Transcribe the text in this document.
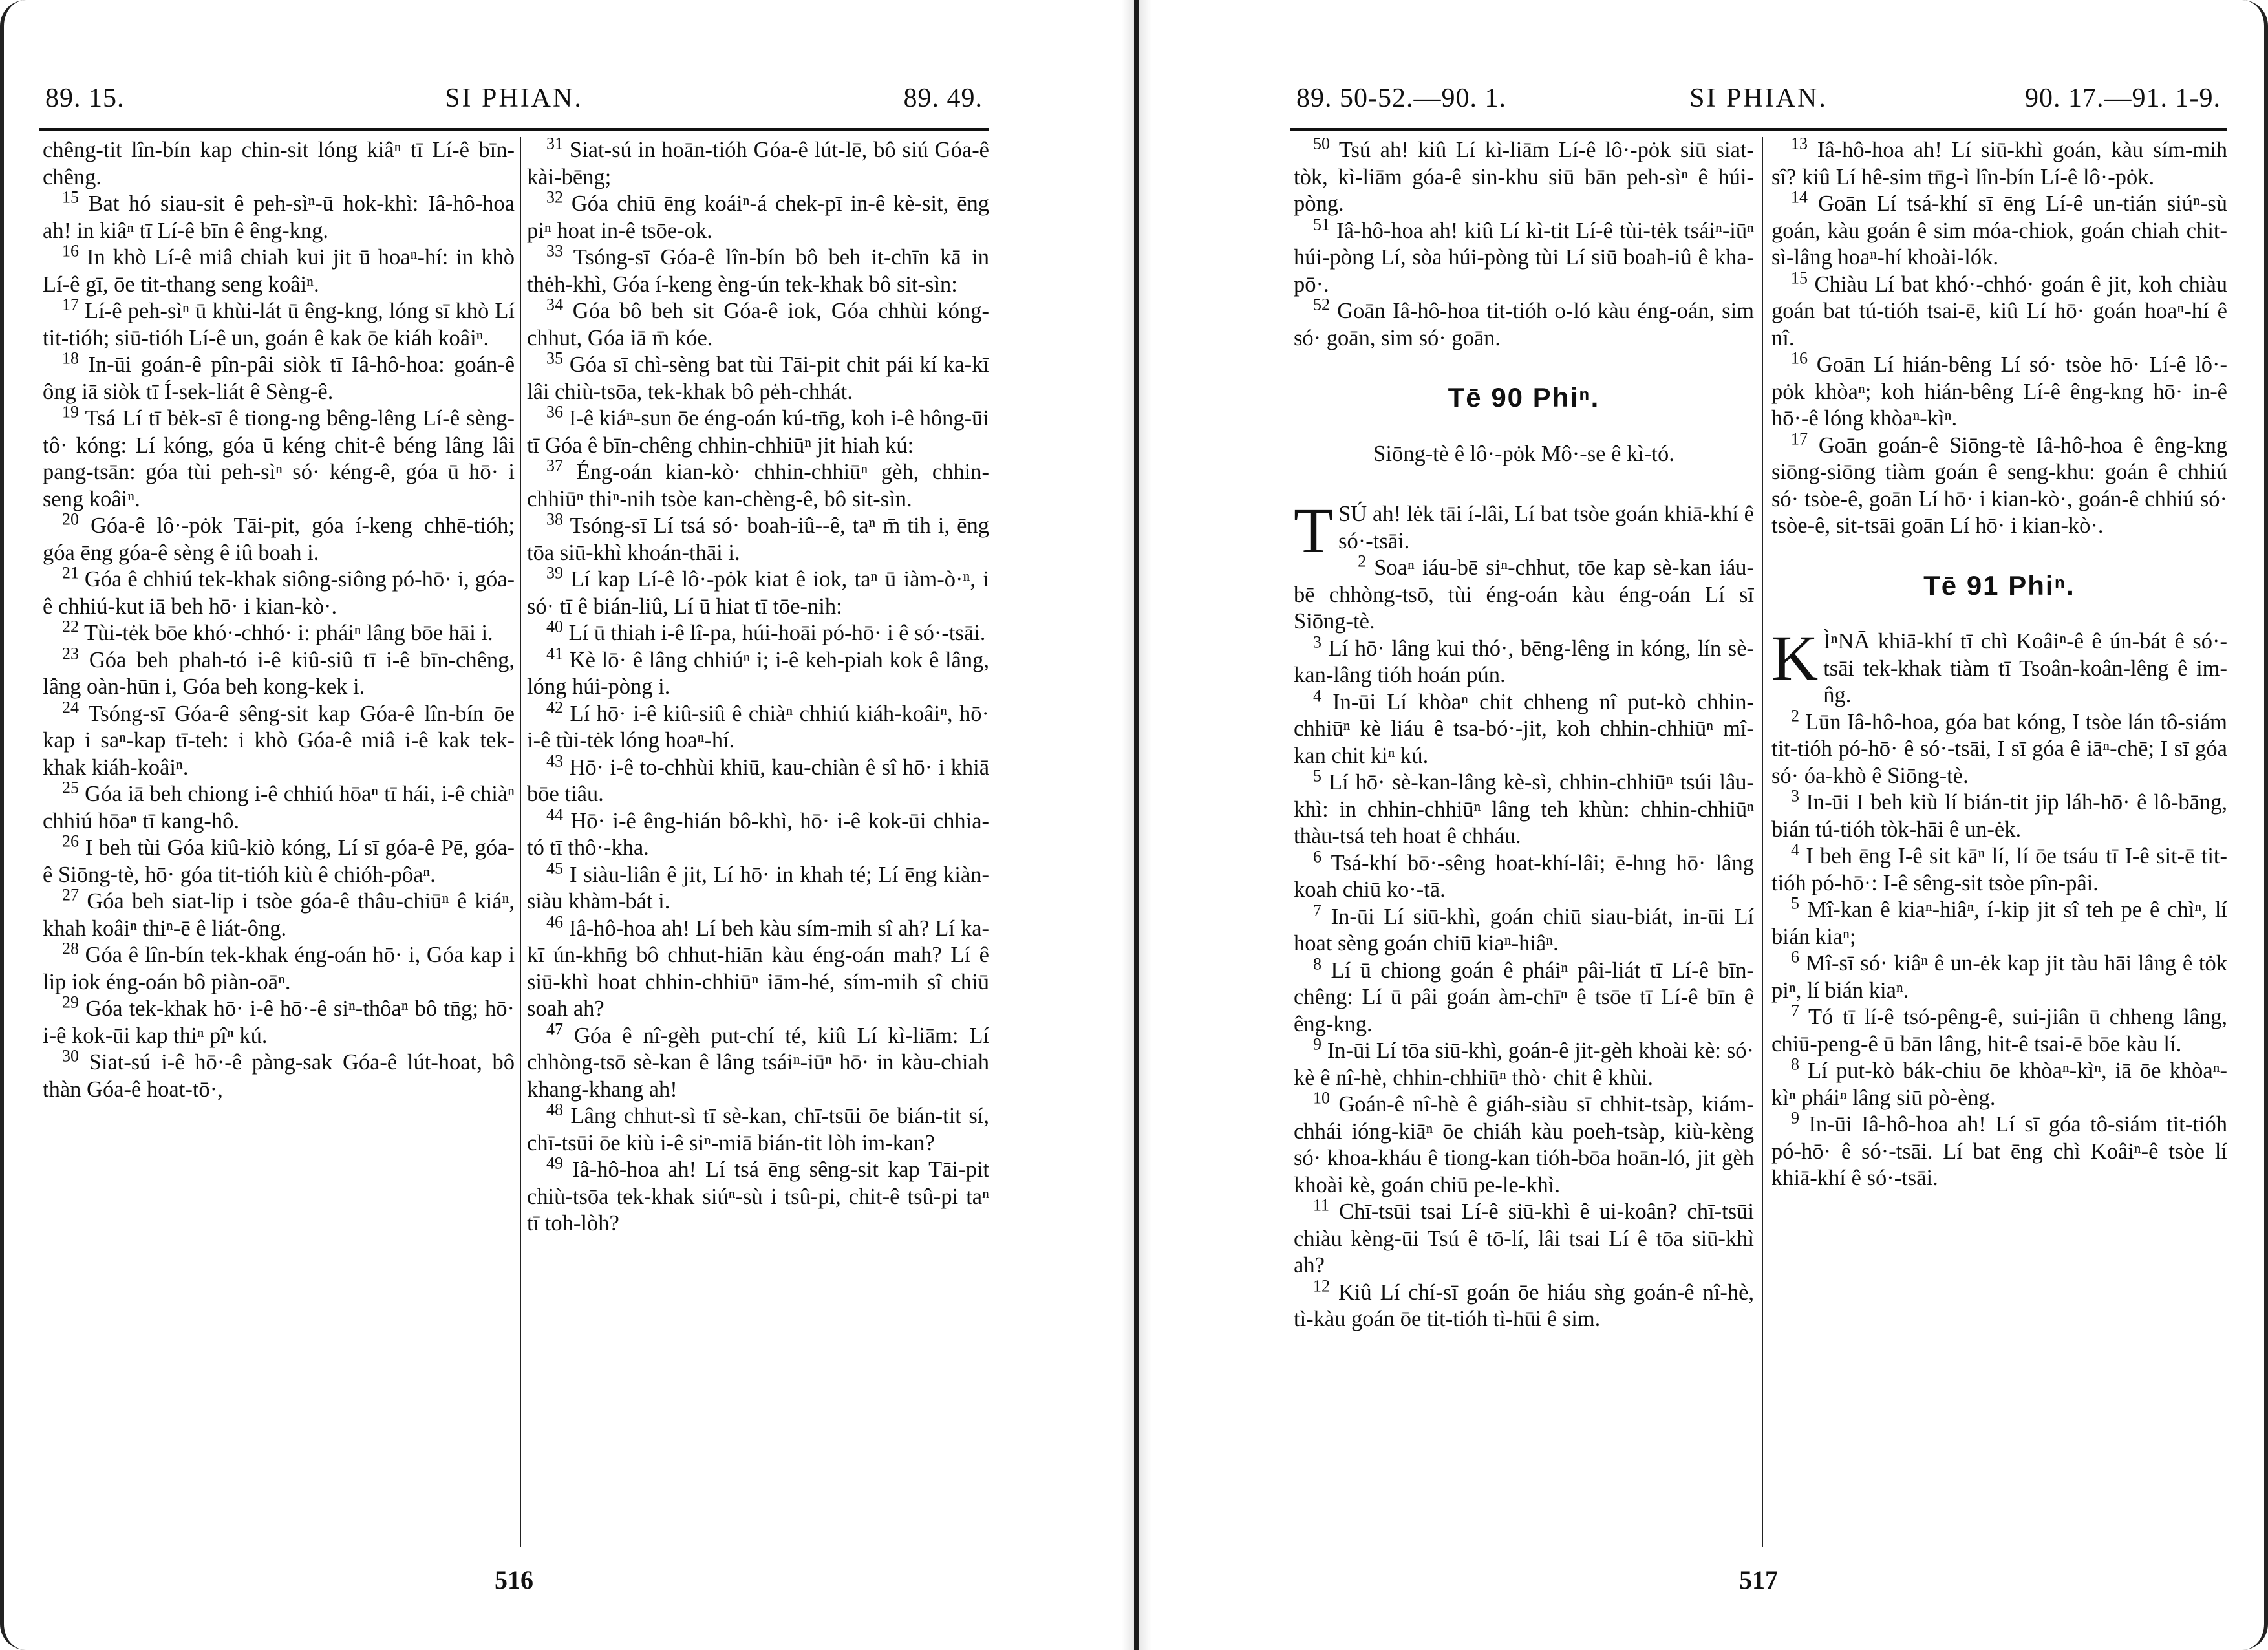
89. 15.	SI PHIAN.	89. 49.

chêng-tit lîn-bín kap chin-sit lóng kiâⁿ tī Lí-ê bīn-chêng.

$^{15}$ Bat hó siau-sit ê peh-sìⁿ-ū hok-khì: Iâ-hô-hoa ah! in kiâⁿ tī Lí-ê bīn ê êng-kng.

$^{16}$ In khò Lí-ê miâ chiah kui jit ū hoaⁿ-hí: in khò Lí-ê gī, ōe tit-thang seng koâiⁿ.

$^{17}$ Lí-ê peh-sìⁿ ū khùi-lát ū êng-kng, lóng sī khò Lí tit-tióh; siū-tióh Lí-ê un, goán ê kak ōe kiáh koâiⁿ.

$^{18}$ In-ūi goán-ê pîn-pâi siòk tī Iâ-hô-hoa: goán-ê ông iā siòk tī Í-sek-liát ê Sèng-ê.

$^{19}$ Tsá Lí tī bėk-sī ê tiong-ng bêng-lêng Lí-ê sèng-tô· kóng: Lí kóng, góa ū kéng chit-ê béng lâng lâi pang-tsān: góa tùi peh-sìⁿ só· kéng-ê, góa ū hō· i seng koâiⁿ.

$^{20}$ Góa-ê lô·-pȯk Tāi-pit, góa í-keng chhē-tióh; góa ēng góa-ê sèng ê iû boah i.

$^{21}$ Góa ê chhiú tek-khak siông-siông pó-hō· i, góa-ê chhiú-kut iā beh hō· i kian-kò·.

$^{22}$ Tùi-tėk bōe khó·-chhó· i: pháiⁿ lâng bōe hāi i.

$^{23}$ Góa beh phah-tó i-ê kiû-siû tī i-ê bīn-chêng, lâng oàn-hūn i, Góa beh kong-kek i.

$^{24}$ Tsóng-sī Góa-ê sêng-sit kap Góa-ê lîn-bín ōe kap i saⁿ-kap tī-teh: i khò Góa-ê miâ i-ê kak tek-khak kiáh-koâiⁿ.

$^{25}$ Góa iā beh chiong i-ê chhiú hōaⁿ tī hái, i-ê chiàⁿ chhiú hōaⁿ tī kang-hô.

$^{26}$ I beh tùi Góa kiû-kiò kóng, Lí sī góa-ê Pē, góa-ê Siōng-tè, hō· góa tit-tióh kiù ê chióh-pôaⁿ.

$^{27}$ Góa beh siat-lip i tsòe góa-ê thâu-chiūⁿ ê kiáⁿ, khah koâiⁿ thiⁿ-ē ê liát-ông.

$^{28}$ Góa ê lîn-bín tek-khak éng-oán hō· i, Góa kap i lip iok éng-oán bô piàn-oāⁿ.

$^{29}$ Góa tek-khak hō· i-ê hō·-ê siⁿ-thôaⁿ bô tn̄g; hō· i-ê kok-ūi kap thiⁿ pîⁿ kú.

$^{30}$ Siat-sú i-ê hō·-ê pàng-sak Góa-ê lút-hoat, bô thàn Góa-ê hoat-tō·,

$^{31}$ Siat-sú in hoān-tióh Góa-ê lút-lē, bô siú Góa-ê kài-bēng;

$^{32}$ Góa chiū ēng koáiⁿ-á chek-pī in-ê kè-sit, ēng piⁿ hoat in-ê tsōe-ok.

$^{33}$ Tsóng-sī Góa-ê lîn-bín bô beh it-chīn kā in thėh-khì, Góa í-keng èng-ún tek-khak bô sit-sìn:

$^{34}$ Góa bô beh sit Góa-ê iok, Góa chhùi kóng-chhut, Góa iā m̄ kóe.

$^{35}$ Góa sī chì-sèng bat tùi Tāi-pit chit pái kí ka-kī lâi chiù-tsōa, tek-khak bô pėh-chhát.

$^{36}$ I-ê kiáⁿ-sun ōe éng-oán kú-tn̄g, koh i-ê hông-ūi tī Góa ê bīn-chêng chhin-chhiūⁿ jit hiah kú:

$^{37}$ Éng-oán kian-kò· chhin-chhiūⁿ gèh, chhin-chhiūⁿ thiⁿ-nih tsòe kan-chèng-ê, bô sit-sìn.

$^{38}$ Tsóng-sī Lí tsá só· boah-iû--ê, taⁿ m̄ tih i, ēng tōa siū-khì khoán-thāi i.

$^{39}$ Lí kap Lí-ê lô·-pȯk kiat ê iok, taⁿ ū iàm-ò·ⁿ, i só· tī ê bián-liû, Lí ū hiat tī tōe-nih:

$^{40}$ Lí ū thiah i-ê lî-pa, húi-hoāi pó-hō· i ê só·-tsāi.

$^{41}$ Kè lō· ê lâng chhiúⁿ i; i-ê keh-piah kok ê lâng, lóng húi-pòng i.

$^{42}$ Lí hō· i-ê kiû-siû ê chiàⁿ chhiú kiáh-koâiⁿ, hō· i-ê tùi-tėk lóng hoaⁿ-hí.

$^{43}$ Hō· i-ê to-chhùi khiū, kau-chiàn ê sî hō· i khiā bōe tiâu.

$^{44}$ Hō· i-ê êng-hián bô-khì, hō· i-ê kok-ūi chhia-tó tī thô·-kha.

$^{45}$ I siàu-liân ê jit, Lí hō· in khah té; Lí ēng kiàn-siàu khàm-bát i.

$^{46}$ Iâ-hô-hoa ah! Lí beh kàu sím-mih sî ah? Lí ka-kī ún-khn̄g bô chhut-hiān kàu éng-oán mah? Lí ê siū-khì hoat chhin-chhiūⁿ iām-hé, sím-mih sî chiū soah ah?

$^{47}$ Góa ê nî-gèh put-chí té, kiû Lí kì-liām: Lí chhòng-tsō sè-kan ê lâng tsáiⁿ-iūⁿ hō· in kàu-chiah khang-khang ah!

$^{48}$ Lâng chhut-sì tī sè-kan, chī-tsūi ōe bián-tit sí, chī-tsūi ōe kiù i-ê siⁿ-miā bián-tit lòh im-kan?

$^{49}$ Iâ-hô-hoa ah! Lí tsá ēng sêng-sit kap Tāi-pit chiù-tsōa tek-khak siúⁿ-sù i tsû-pi, chit-ê tsû-pi taⁿ tī toh-lòh?

516
89. 50-52.—90. 1.	SI PHIAN.	90. 17.—91. 1-9.

$^{50}$ Tsú ah! kiû Lí kì-liām Lí-ê lô·-pȯk siū siat-tòk, kì-liām góa-ê sin-khu siū bān peh-sìⁿ ê húi-pòng.

$^{51}$ Iâ-hô-hoa ah! kiû Lí kì-tit Lí-ê tùi-tėk tsáiⁿ-iūⁿ húi-pòng Lí, sòa húi-pòng tùi Lí siū boah-iû ê kha-pō·.

$^{52}$ Goān Iâ-hô-hoa tit-tióh o-ló kàu éng-oán, sim só· goān, sim só· goān.

Tē 90 Phiⁿ.

Siōng-tè ê lô·-pȯk Mô·-se ê kì-tó.

TSÚ ah! lėk tāi í-lâi, Lí bat tsòe goán khiā-khí ê só·-tsāi.

$^2$ Soaⁿ iáu-bē siⁿ-chhut, tōe kap sè-kan iáu-bē chhòng-tsō, tùi éng-oán kàu éng-oán Lí sī Siōng-tè.

$^3$ Lí hō· lâng kui thó·, bēng-lêng in kóng, lín sè-kan-lâng tióh hoán pún.

$^4$ In-ūi Lí khòaⁿ chit chheng nî put-kò chhin-chhiūⁿ kè liáu ê tsa-bó·-jit, koh chhin-chhiūⁿ mî-kan chit kiⁿ kú.

$^5$ Lí hō· sè-kan-lâng kè-sì, chhin-chhiūⁿ tsúi lâu-khì: in chhin-chhiūⁿ lâng teh khùn: chhin-chhiūⁿ thàu-tsá teh hoat ê chháu.

$^6$ Tsá-khí bō·-sêng hoat-khí-lâi; ē-hng hō· lâng koah chiū ko·-tā.

$^7$ In-ūi Lí siū-khì, goán chiū siau-biát, in-ūi Lí hoat sèng goán chiū kiaⁿ-hiâⁿ.

$^8$ Lí ū chiong goán ê pháiⁿ pâi-liát tī Lí-ê bīn-chêng: Lí ū pâi goán àm-chīⁿ ê tsōe tī Lí-ê bīn ê êng-kng.

$^9$ In-ūi Lí tōa siū-khì, goán-ê jit-gèh khoài kè: só· kè ê nî-hè, chhin-chhiūⁿ thò· chit ê khùi.

$^{10}$ Goán-ê nî-hè ê giáh-siàu sī chhit-tsàp, kiám-chhái ióng-kiāⁿ ōe chiáh kàu poeh-tsàp, kiù-kèng só· khoa-kháu ê tiong-kan tióh-bōa hoān-ló, jit gèh khoài kè, goán chiū pe-le-khì.

$^{11}$ Chī-tsūi tsai Lí-ê siū-khì ê ui-koân? chī-tsūi chiàu kèng-ūi Tsú ê tō-lí, lâi tsai Lí ê tōa siū-khì ah?

$^{12}$ Kiû Lí chí-sī goán ōe hiáu sǹg goán-ê nî-hè, tì-kàu goán ōe tit-tióh tì-hūi ê sim.

$^{13}$ Iâ-hô-hoa ah! Lí siū-khì goán, kàu sím-mih sî? kiû Lí hê-sim tn̄g-ì lîn-bín Lí-ê lô·-pȯk.

$^{14}$ Goān Lí tsá-khí sī ēng Lí-ê un-tián siúⁿ-sù goán, kàu goán ê sim móa-chiok, goán chiah chit-sì-lâng hoaⁿ-hí khoài-lók.

$^{15}$ Chiàu Lí bat khó·-chhó· goán ê jit, koh chiàu goán bat tú-tióh tsai-ē, kiû Lí hō· goán hoaⁿ-hí ê nî.

$^{16}$ Goān Lí hián-bêng Lí só· tsòe hō· Lí-ê lô·-pȯk khòaⁿ; koh hián-bêng Lí-ê êng-kng hō· in-ê hō·-ê lóng khòaⁿ-kìⁿ.

$^{17}$ Goān goán-ê Siōng-tè Iâ-hô-hoa ê êng-kng siōng-siōng tiàm goán ê seng-khu: goán ê chhiú só· tsòe-ê, goān Lí hō· i kian-kò·, goán-ê chhiú só· tsòe-ê, sit-tsāi goān Lí hō· i kian-kò·.

Tē 91 Phiⁿ.

KÌⁿNĀ khiā-khí tī chì Koâiⁿ-ê ê ún-bát ê só·-tsāi tek-khak tiàm tī Tsoân-koân-lêng ê im-n̂g.

$^2$ Lūn Iâ-hô-hoa, góa bat kóng, I tsòe lán tô-siám tit-tióh pó-hō· ê só·-tsāi, I sī góa ê iāⁿ-chē; I sī góa só· óa-khò ê Siōng-tè.

$^3$ In-ūi I beh kiù lí bián-tit jip láh-hō· ê lô-bāng, bián tú-tióh tòk-hāi ê un-ėk.

$^4$ I beh ēng I-ê sit kāⁿ lí, lí ōe tsáu tī I-ê sit-ē tit-tióh pó-hō·: I-ê sêng-sit tsòe pîn-pâi.

$^5$ Mî-kan ê kiaⁿ-hiâⁿ, í-kip jit sî teh pe ê chìⁿ, lí bián kiaⁿ;

$^6$ Mî-sī só· kiâⁿ ê un-ėk kap jit tàu hāi lâng ê tȯk piⁿ, lí bián kiaⁿ.

$^7$ Tó tī lí-ê tsó-pêng-ê, sui-jiân ū chheng lâng, chiū-peng-ê ū bān lâng, hit-ê tsai-ē bōe kàu lí.

$^8$ Lí put-kò bák-chiu ōe khòaⁿ-kìⁿ, iā ōe khòaⁿ-kìⁿ pháiⁿ lâng siū pò-èng.

$^9$ In-ūi Iâ-hô-hoa ah! Lí sī góa tô-siám tit-tióh pó-hō· ê só·-tsāi. Lí bat ēng chì Koâiⁿ-ê tsòe lí khiā-khí ê só·-tsāi.

517
